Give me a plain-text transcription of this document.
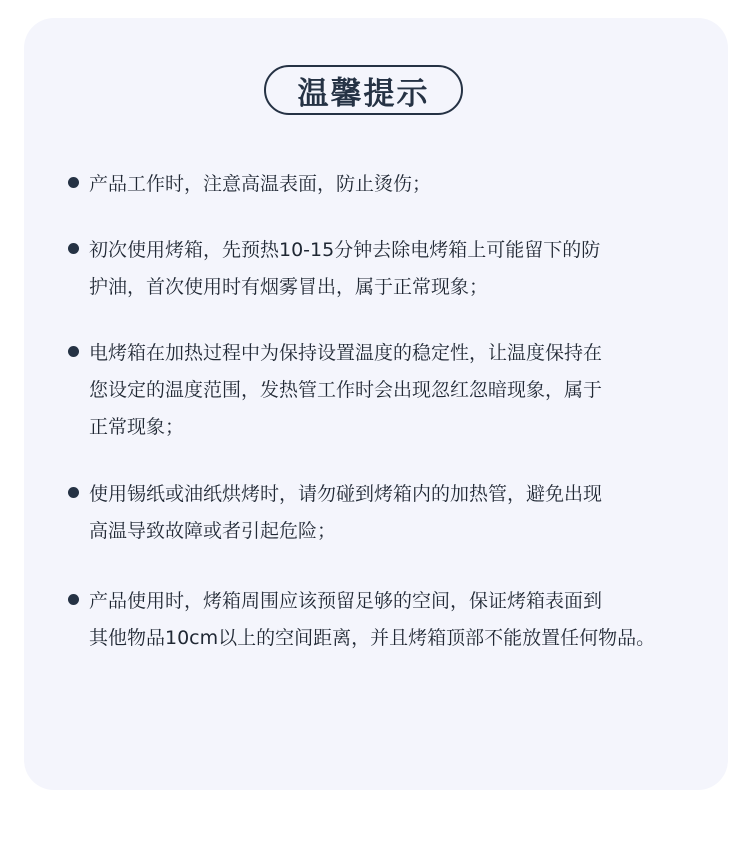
温馨提示
产品工作时，注意高温表面，防止烫伤；
初次使用烤箱，先预热10-15分钟去除电烤箱上可能留下的防
护油，首次使用时有烟雾冒出，属于正常现象；
电烤箱在加热过程中为保持设置温度的稳定性，让温度保持在
您设定的温度范围，发热管工作时会出现忽红忽暗现象，属于
正常现象；
使用锡纸或油纸烘烤时，请勿碰到烤箱内的加热管，避免出现
高温导致故障或者引起危险；
产品使用时，烤箱周围应该预留足够的空间，保证烤箱表面到
其他物品10cm以上的空间距离，并且烤箱顶部不能放置任何物品。
